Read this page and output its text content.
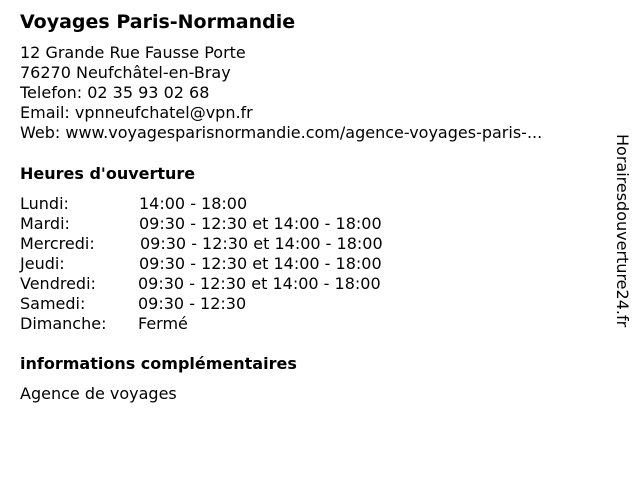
Voyages Paris-Normandie
12 Grande Rue Fausse Porte
76270 Neufchâtel-en-Bray
Telefon: 02 35 93 02 68
Email: vpnneufchatel@vpn.fr
Web: www.voyagesparisnormandie.com/agence-voyages-paris-...
Heures d'ouverture
Lundi:	14:00 - 18:00
Mardi:	09:30 - 12:30 et 14:00 - 18:00
Mercredi:	09:30 - 12:30 et 14:00 - 18:00
Jeudi:	09:30 - 12:30 et 14:00 - 18:00
Vendredi:	09:30 - 12:30 et 14:00 - 18:00
Samedi:	09:30 - 12:30
Dimanche: Fermé
informations complémentaires
Agence de voyages
Horairesdouverture24.fr
